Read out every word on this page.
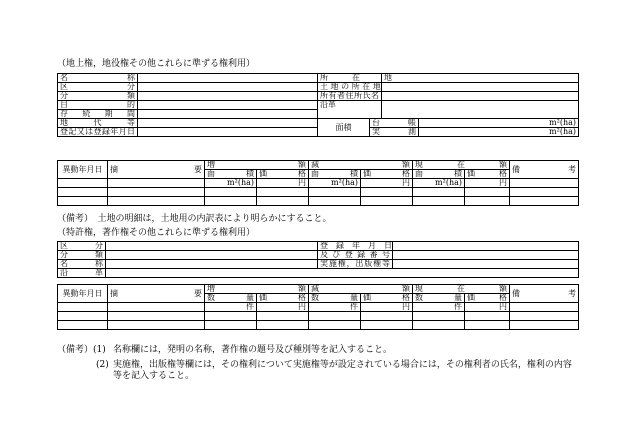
（地上権，地役権その他これらに準ずる権利用）
名　　　称		所　　　在　　　地			
区　　　分		土 地 の 所 在 地			
分　　　類		所有者住所氏名			
目　　　的		沿革			
存　続　期　間					
地　　　代　　　等		面積	台　　　帳		m²(ha)
登記又は登録年月日			実　　　測		m²(ha)
異動年月日	摘　　　　　要	増　　　　　　額		減　　　　　　額		現　　　　在　　　　額		備　　　　　考
		面　　積	価　　格	面　　積	価　　格	面　　積	価　　格	
		m²(ha)	円	m²(ha)	円	m²(ha)	円	

（備考）　土地の明細は，土地用の内訳表により明らかにすること。
（特許権，著作権その他これらに準ずる権利用）
区　　分		登　録　年　月　日	
分　　類		及 び 登 録 番 号	
名　　称		実施権，出版権等	
沿　　革			
異動年月日	摘　　　　　要	増　　　　　　額		減　　　　　　額		現　　　　在　　　　額		備　　　　　考
		数　　量	価　　格	数　　量	価　　格	数　　量	価　　格	
		件	円	件	円	件	円	

（備考）(1) 名称欄には，発明の名称，著作権の題号及び種別等を記入すること。
(2) 実施権，出版権等欄には，その権利について実施権等が設定されている場合には，その権利者の氏名，権利の内容等を記入すること。
